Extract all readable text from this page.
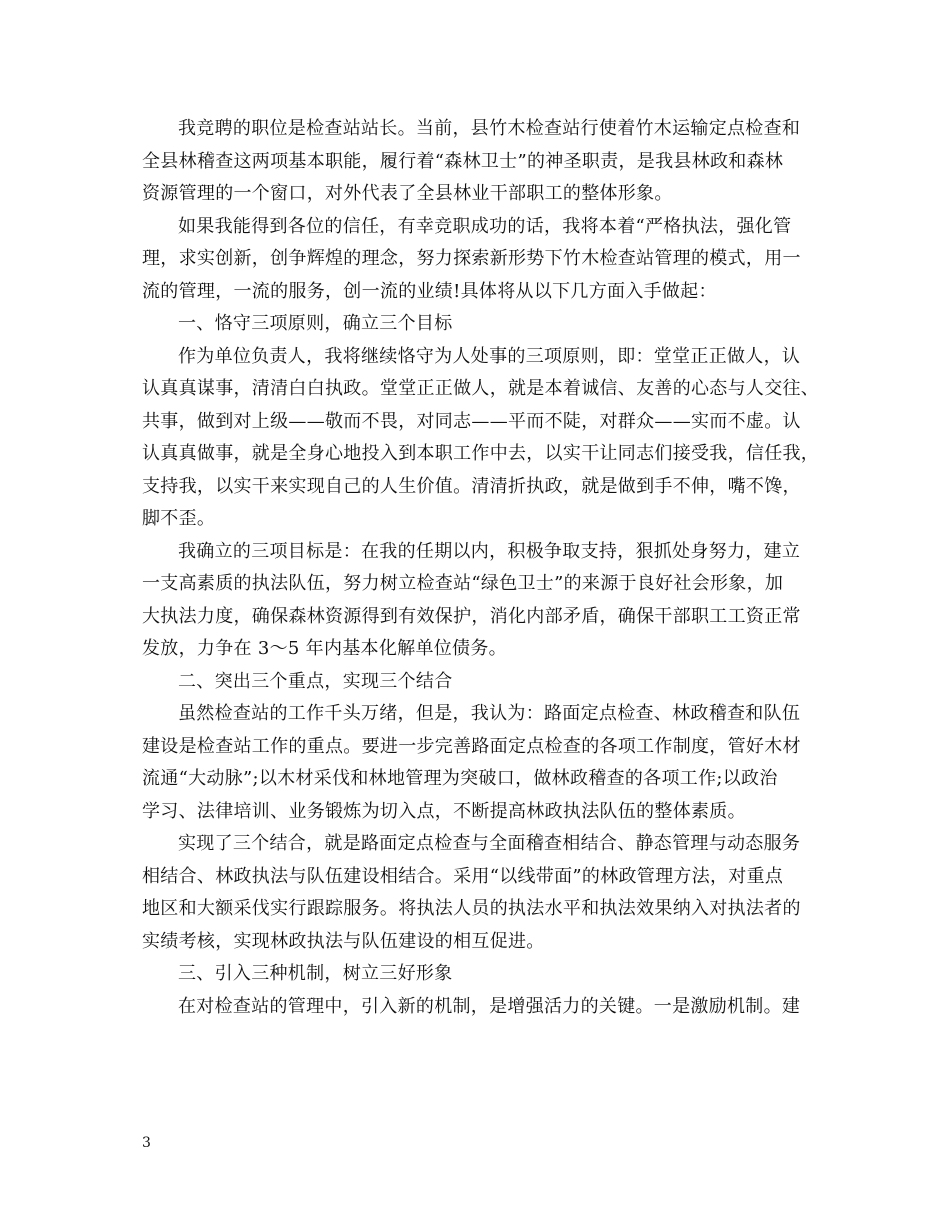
我竞聘的职位是检查站站长。当前，县竹木检查站行使着竹木运输定点检查和
全县林稽查这两项基本职能，履行着“森林卫士”的神圣职责，是我县林政和森林
资源管理的一个窗口，对外代表了全县林业干部职工的整体形象。
如果我能得到各位的信任，有幸竞职成功的话，我将本着“严格执法，强化管
理，求实创新，创争辉煌的理念，努力探索新形势下竹木检查站管理的模式，用一
流的管理，一流的服务，创一流的业绩!具体将从以下几方面入手做起：
一、恪守三项原则，确立三个目标
作为单位负责人，我将继续恪守为人处事的三项原则，即：堂堂正正做人，认
认真真谋事，清清白白执政。堂堂正正做人，就是本着诚信、友善的心态与人交往、
共事，做到对上级——敬而不畏，对同志——平而不陡，对群众——实而不虚。认
认真真做事，就是全身心地投入到本职工作中去，以实干让同志们接受我，信任我，
支持我，以实干来实现自己的人生价值。清清折执政，就是做到手不伸，嘴不馋，
脚不歪。
我确立的三项目标是：在我的任期以内，积极争取支持，狠抓处身努力，建立
一支高素质的执法队伍，努力树立检查站“绿色卫士”的来源于良好社会形象，加
大执法力度，确保森林资源得到有效保护，消化内部矛盾，确保干部职工工资正常
发放，力争在 3～5 年内基本化解单位债务。
二、突出三个重点，实现三个结合
虽然检查站的工作千头万绪，但是，我认为：路面定点检查、林政稽查和队伍
建设是检查站工作的重点。要进一步完善路面定点检查的各项工作制度，管好木材
流通“大动脉”;以木材采伐和林地管理为突破口，做林政稽查的各项工作;以政治
学习、法律培训、业务锻炼为切入点，不断提高林政执法队伍的整体素质。
实现了三个结合，就是路面定点检查与全面稽查相结合、静态管理与动态服务
相结合、林政执法与队伍建设相结合。采用“以线带面”的林政管理方法，对重点
地区和大额采伐实行跟踪服务。将执法人员的执法水平和执法效果纳入对执法者的
实绩考核，实现林政执法与队伍建设的相互促进。
三、引入三种机制，树立三好形象
在对检查站的管理中，引入新的机制，是增强活力的关键。一是激励机制。建
3
